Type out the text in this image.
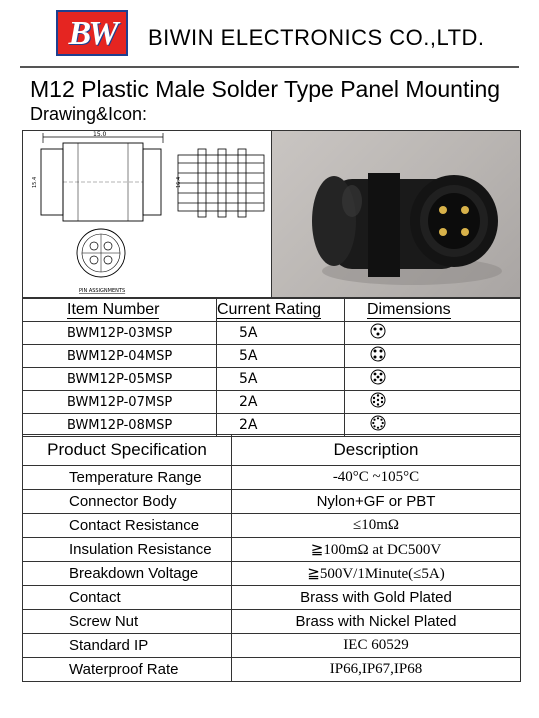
BW	BIWIN ELECTRONICS CO.,LTD.
M12 Plastic Male Solder Type Panel Mounting
Drawing&Icon:
15.0
15.4	16.4
PIN ASSIGNMENTS
Item Number	Current Rating	Dimensions
BWM12P-03MSP	5A	
BWM12P-04MSP	5A	
BWM12P-05MSP	5A	
BWM12P-07MSP	2A	
BWM12P-08MSP	2A	
Product Specification	Description
Temperature Range	-40°C ~105°C
Connector Body	Nylon+GF or PBT
Contact Resistance	≤10mΩ
Insulation Resistance	≧100mΩ at DC500V
Breakdown Voltage	≧500V/1Minute(≤5A)
Contact	Brass with Gold Plated
Screw Nut	Brass with Nickel Plated
Standard IP	IEC 60529
Waterproof Rate	IP66,IP67,IP68
